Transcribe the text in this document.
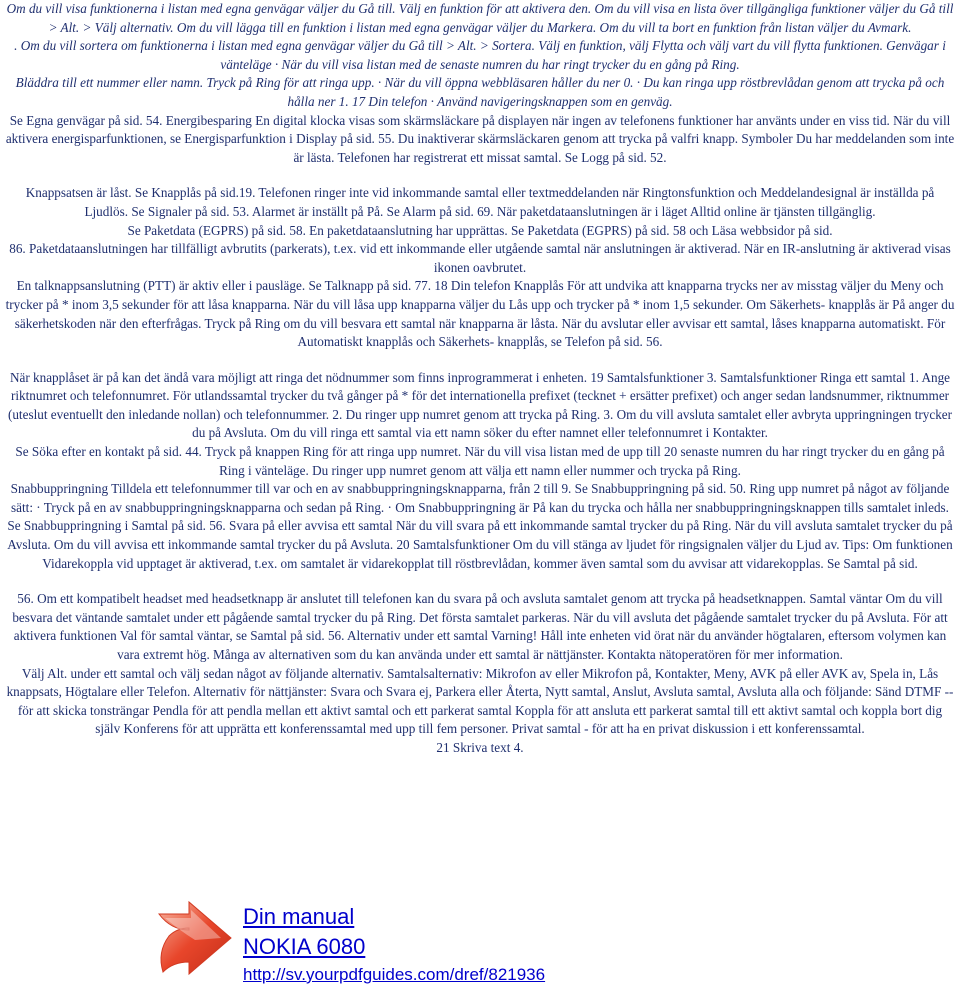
Om du vill visa funktionerna i listan med egna genvägar väljer du Gå till. Välj en funktion för att aktivera den. Om du vill visa en lista över tillgängliga funktioner väljer du Gå till > Alt. > Välj alternativ. Om du vill lägga till en funktion i listan med egna genvägar väljer du Markera. Om du vill ta bort en funktion från listan väljer du Avmark.

. Om du vill sortera om funktionerna i listan med egna genvägar väljer du Gå till > Alt. > Sortera. Välj en funktion, välj Flytta och välj vart du vill flytta funktionen. Genvägar i vänteläge · När du vill visa listan med de senaste numren du har ringt trycker du en gång på Ring.

Bläddra till ett nummer eller namn. Tryck på Ring för att ringa upp. · När du vill öppna webbläsaren håller du ner 0. · Du kan ringa upp röstbrevlådan genom att trycka på och hålla ner 1. 17 Din telefon · Använd navigeringsknappen som en genväg.

Se Egna genvägar på sid. 54. Energibesparing En digital klocka visas som skärmsläckare på displayen när ingen av telefonens funktioner har använts under en viss tid. När du vill aktivera energisparfunktionen, se Energisparfunktion i Display på sid. 55. Du inaktiverar skärmsläckaren genom att trycka på valfri knapp. Symboler Du har meddelanden som inte är lästa. Telefonen har registrerat ett missat samtal. Se Logg på sid. 52.

Knappsatsen är låst. Se Knapplås på sid.19. Telefonen ringer inte vid inkommande samtal eller textmeddelanden när Ringtonsfunktion och Meddelandesignal är inställda på Ljudlös. Se Signaler på sid. 53. Alarmet är inställt på På. Se Alarm på sid. 69. När paketdataanslutningen är i läget Alltid online är tjänsten tillgänglig.

Se Paketdata (EGPRS) på sid. 58. En paketdataanslutning har upprättas. Se Paketdata (EGPRS) på sid. 58 och Läsa webbsidor på sid.

86. Paketdataanslutningen har tillfälligt avbrutits (parkerats), t.ex. vid ett inkommande eller utgående samtal när anslutningen är aktiverad. När en IR-anslutning är aktiverad visas ikonen oavbrutet.

En talknappsanslutning (PTT) är aktiv eller i pausläge. Se Talknapp på sid. 77. 18 Din telefon Knapplås För att undvika att knapparna trycks ner av misstag väljer du Meny och trycker på * inom 3,5 sekunder för att låsa knapparna. När du vill låsa upp knapparna väljer du Lås upp och trycker på * inom 1,5 sekunder. Om Säkerhets- knapplås är På anger du säkerhetskoden när den efterfrågas. Tryck på Ring om du vill besvara ett samtal när knapparna är låsta. När du avslutar eller avvisar ett samtal, låses knapparna automatiskt. För Automatiskt knapplås och Säkerhets- knapplås, se Telefon på sid. 56.

När knapplåset är på kan det ändå vara möjligt att ringa det nödnummer som finns inprogrammerat i enheten. 19 Samtalsfunktioner 3. Samtalsfunktioner Ringa ett samtal 1. Ange riktnumret och telefonnumret. För utlandssamtal trycker du två gånger på * för det internationella prefixet (tecknet + ersätter prefixet) och anger sedan landsnummer, riktnummer (uteslut eventuellt den inledande nollan) och telefonnummer. 2. Du ringer upp numret genom att trycka på Ring. 3. Om du vill avsluta samtalet eller avbryta uppringningen trycker du på Avsluta. Om du vill ringa ett samtal via ett namn söker du efter namnet eller telefonnumret i Kontakter.

Se Söka efter en kontakt på sid. 44. Tryck på knappen Ring för att ringa upp numret. När du vill visa listan med de upp till 20 senaste numren du har ringt trycker du en gång på Ring i vänteläge. Du ringer upp numret genom att välja ett namn eller nummer och trycka på Ring.

Snabbuppringning Tilldela ett telefonnummer till var och en av snabbuppringningsknapparna, från 2 till 9. Se Snabbuppringning på sid. 50. Ring upp numret på något av följande sätt: · Tryck på en av snabbuppringningsknapparna och sedan på Ring. · Om Snabbuppringning är På kan du trycka och hålla ner snabbuppringningsknappen tills samtalet inleds.

Se Snabbuppringning i Samtal på sid. 56. Svara på eller avvisa ett samtal När du vill svara på ett inkommande samtal trycker du på Ring. När du vill avsluta samtalet trycker du på Avsluta. Om du vill avvisa ett inkommande samtal trycker du på Avsluta. 20 Samtalsfunktioner Om du vill stänga av ljudet för ringsignalen väljer du Ljud av. Tips: Om funktionen Vidarekoppla vid upptaget är aktiverad, t.ex. om samtalet är vidarekopplat till röstbrevlådan, kommer även samtal som du avvisar att vidarekopplas. Se Samtal på sid.

56. Om ett kompatibelt headset med headsetknapp är anslutet till telefonen kan du svara på och avsluta samtalet genom att trycka på headsetknappen. Samtal väntar Om du vill besvara det väntande samtalet under ett pågående samtal trycker du på Ring. Det första samtalet parkeras. När du vill avsluta det pågående samtalet trycker du på Avsluta. För att aktivera funktionen Val för samtal väntar, se Samtal på sid. 56. Alternativ under ett samtal Varning! Håll inte enheten vid örat när du använder högtalaren, eftersom volymen kan vara extremt hög. Många av alternativen som du kan använda under ett samtal är nättjänster. Kontakta nätoperatören för mer information.

Välj Alt. under ett samtal och välj sedan något av följande alternativ. Samtalsalternativ: Mikrofon av eller Mikrofon på, Kontakter, Meny, AVK på eller AVK av, Spela in, Lås knappsats, Högtalare eller Telefon. Alternativ för nättjänster: Svara och Svara ej, Parkera eller Återta, Nytt samtal, Anslut, Avsluta samtal, Avsluta alla och följande: Sänd DTMF -- för att skicka tonsträngar Pendla för att pendla mellan ett aktivt samtal och ett parkerat samtal Koppla för att ansluta ett parkerat samtal till ett aktivt samtal och koppla bort dig själv Konferens för att upprätta ett konferenssamtal med upp till fem personer. Privat samtal - för att ha en privat diskussion i ett konferenssamtal.

21 Skriva text 4.

Din manual
NOKIA 6080
http://sv.yourpdfguides.com/dref/821936
